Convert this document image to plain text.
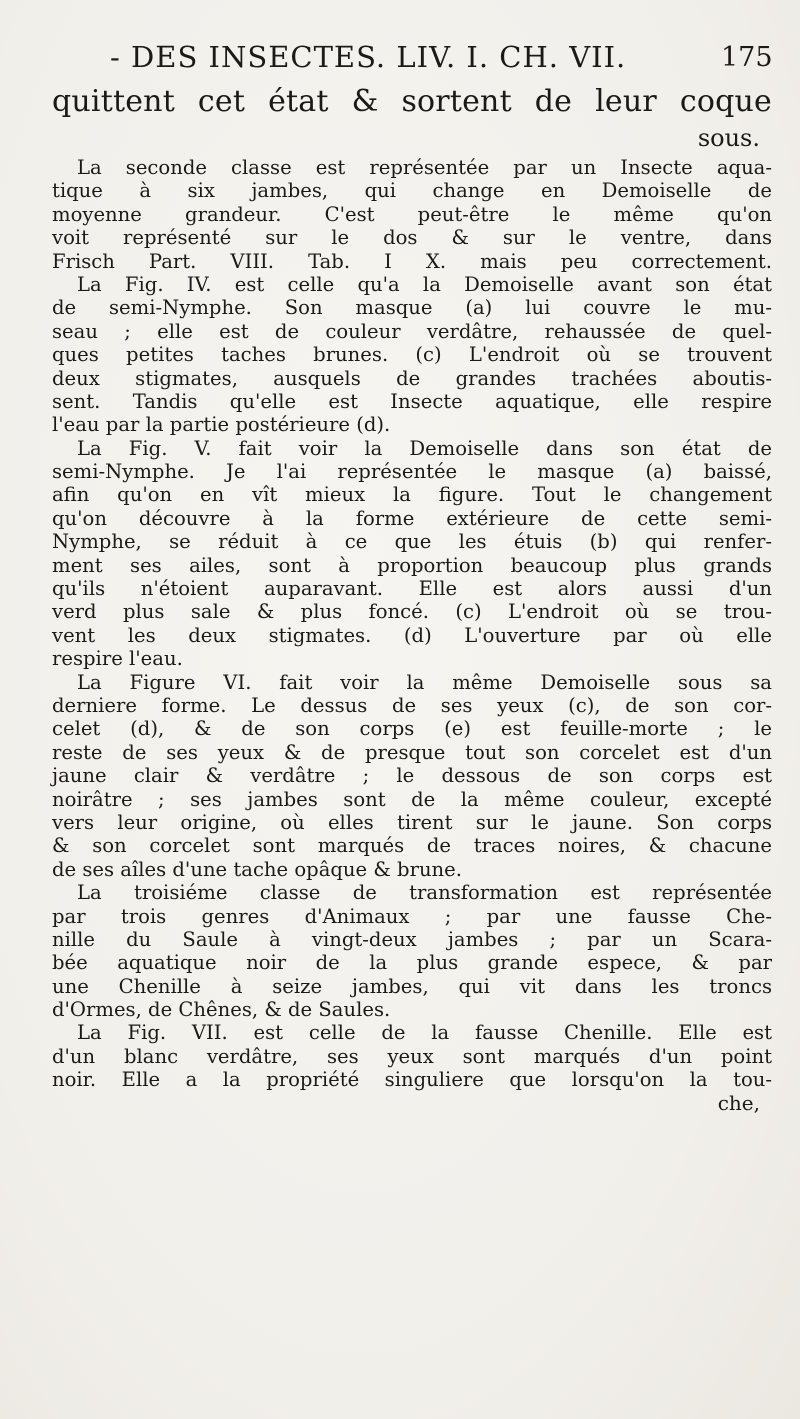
- DES INSECTES. LIV. I. CH. VII.	175
quittent cet état & sortent de leur coque
sous.
La seconde classe est représentée par un Insecte aqua-
tique à six jambes, qui change en Demoiselle de
moyenne grandeur. C'est peut-être le même qu'on
voit représenté sur le dos & sur le ventre, dans
Frisch Part. VIII. Tab. I X. mais peu correctement.
La Fig. IV. est celle qu'a la Demoiselle avant son état
de semi-Nymphe. Son masque (a) lui couvre le mu-
seau ; elle est de couleur verdâtre, rehaussée de quel-
ques petites taches brunes. (c) L'endroit où se trouvent
deux stigmates, ausquels de grandes trachées aboutis-
sent. Tandis qu'elle est Insecte aquatique, elle respire
l'eau par la partie postérieure (d).
La Fig. V. fait voir la Demoiselle dans son état de
semi-Nymphe. Je l'ai représentée le masque (a) baissé,
afin qu'on en vît mieux la figure. Tout le changement
qu'on découvre à la forme extérieure de cette semi-
Nymphe, se réduit à ce que les étuis (b) qui renfer-
ment ses ailes, sont à proportion beaucoup plus grands
qu'ils n'étoient auparavant. Elle est alors aussi d'un
verd plus sale & plus foncé. (c) L'endroit où se trou-
vent les deux stigmates. (d) L'ouverture par où elle
respire l'eau.
La Figure VI. fait voir la même Demoiselle sous sa
derniere forme. Le dessus de ses yeux (c), de son cor-
celet (d), & de son corps (e) est feuille-morte ; le
reste de ses yeux & de presque tout son corcelet est d'un
jaune clair & verdâtre ; le dessous de son corps est
noirâtre ; ses jambes sont de la même couleur, excepté
vers leur origine, où elles tirent sur le jaune. Son corps
& son corcelet sont marqués de traces noires, & chacune
de ses aîles d'une tache opâque & brune.
La troisiéme classe de transformation est représentée
par trois genres d'Animaux ; par une fausse Che-
nille du Saule à vingt-deux jambes ; par un Scara-
bée aquatique noir de la plus grande espece, & par
une Chenille à seize jambes, qui vit dans les troncs
d'Ormes, de Chênes, & de Saules.
La Fig. VII. est celle de la fausse Chenille. Elle est
d'un blanc verdâtre, ses yeux sont marqués d'un point
noir. Elle a la propriété singuliere que lorsqu'on la tou-
che,
